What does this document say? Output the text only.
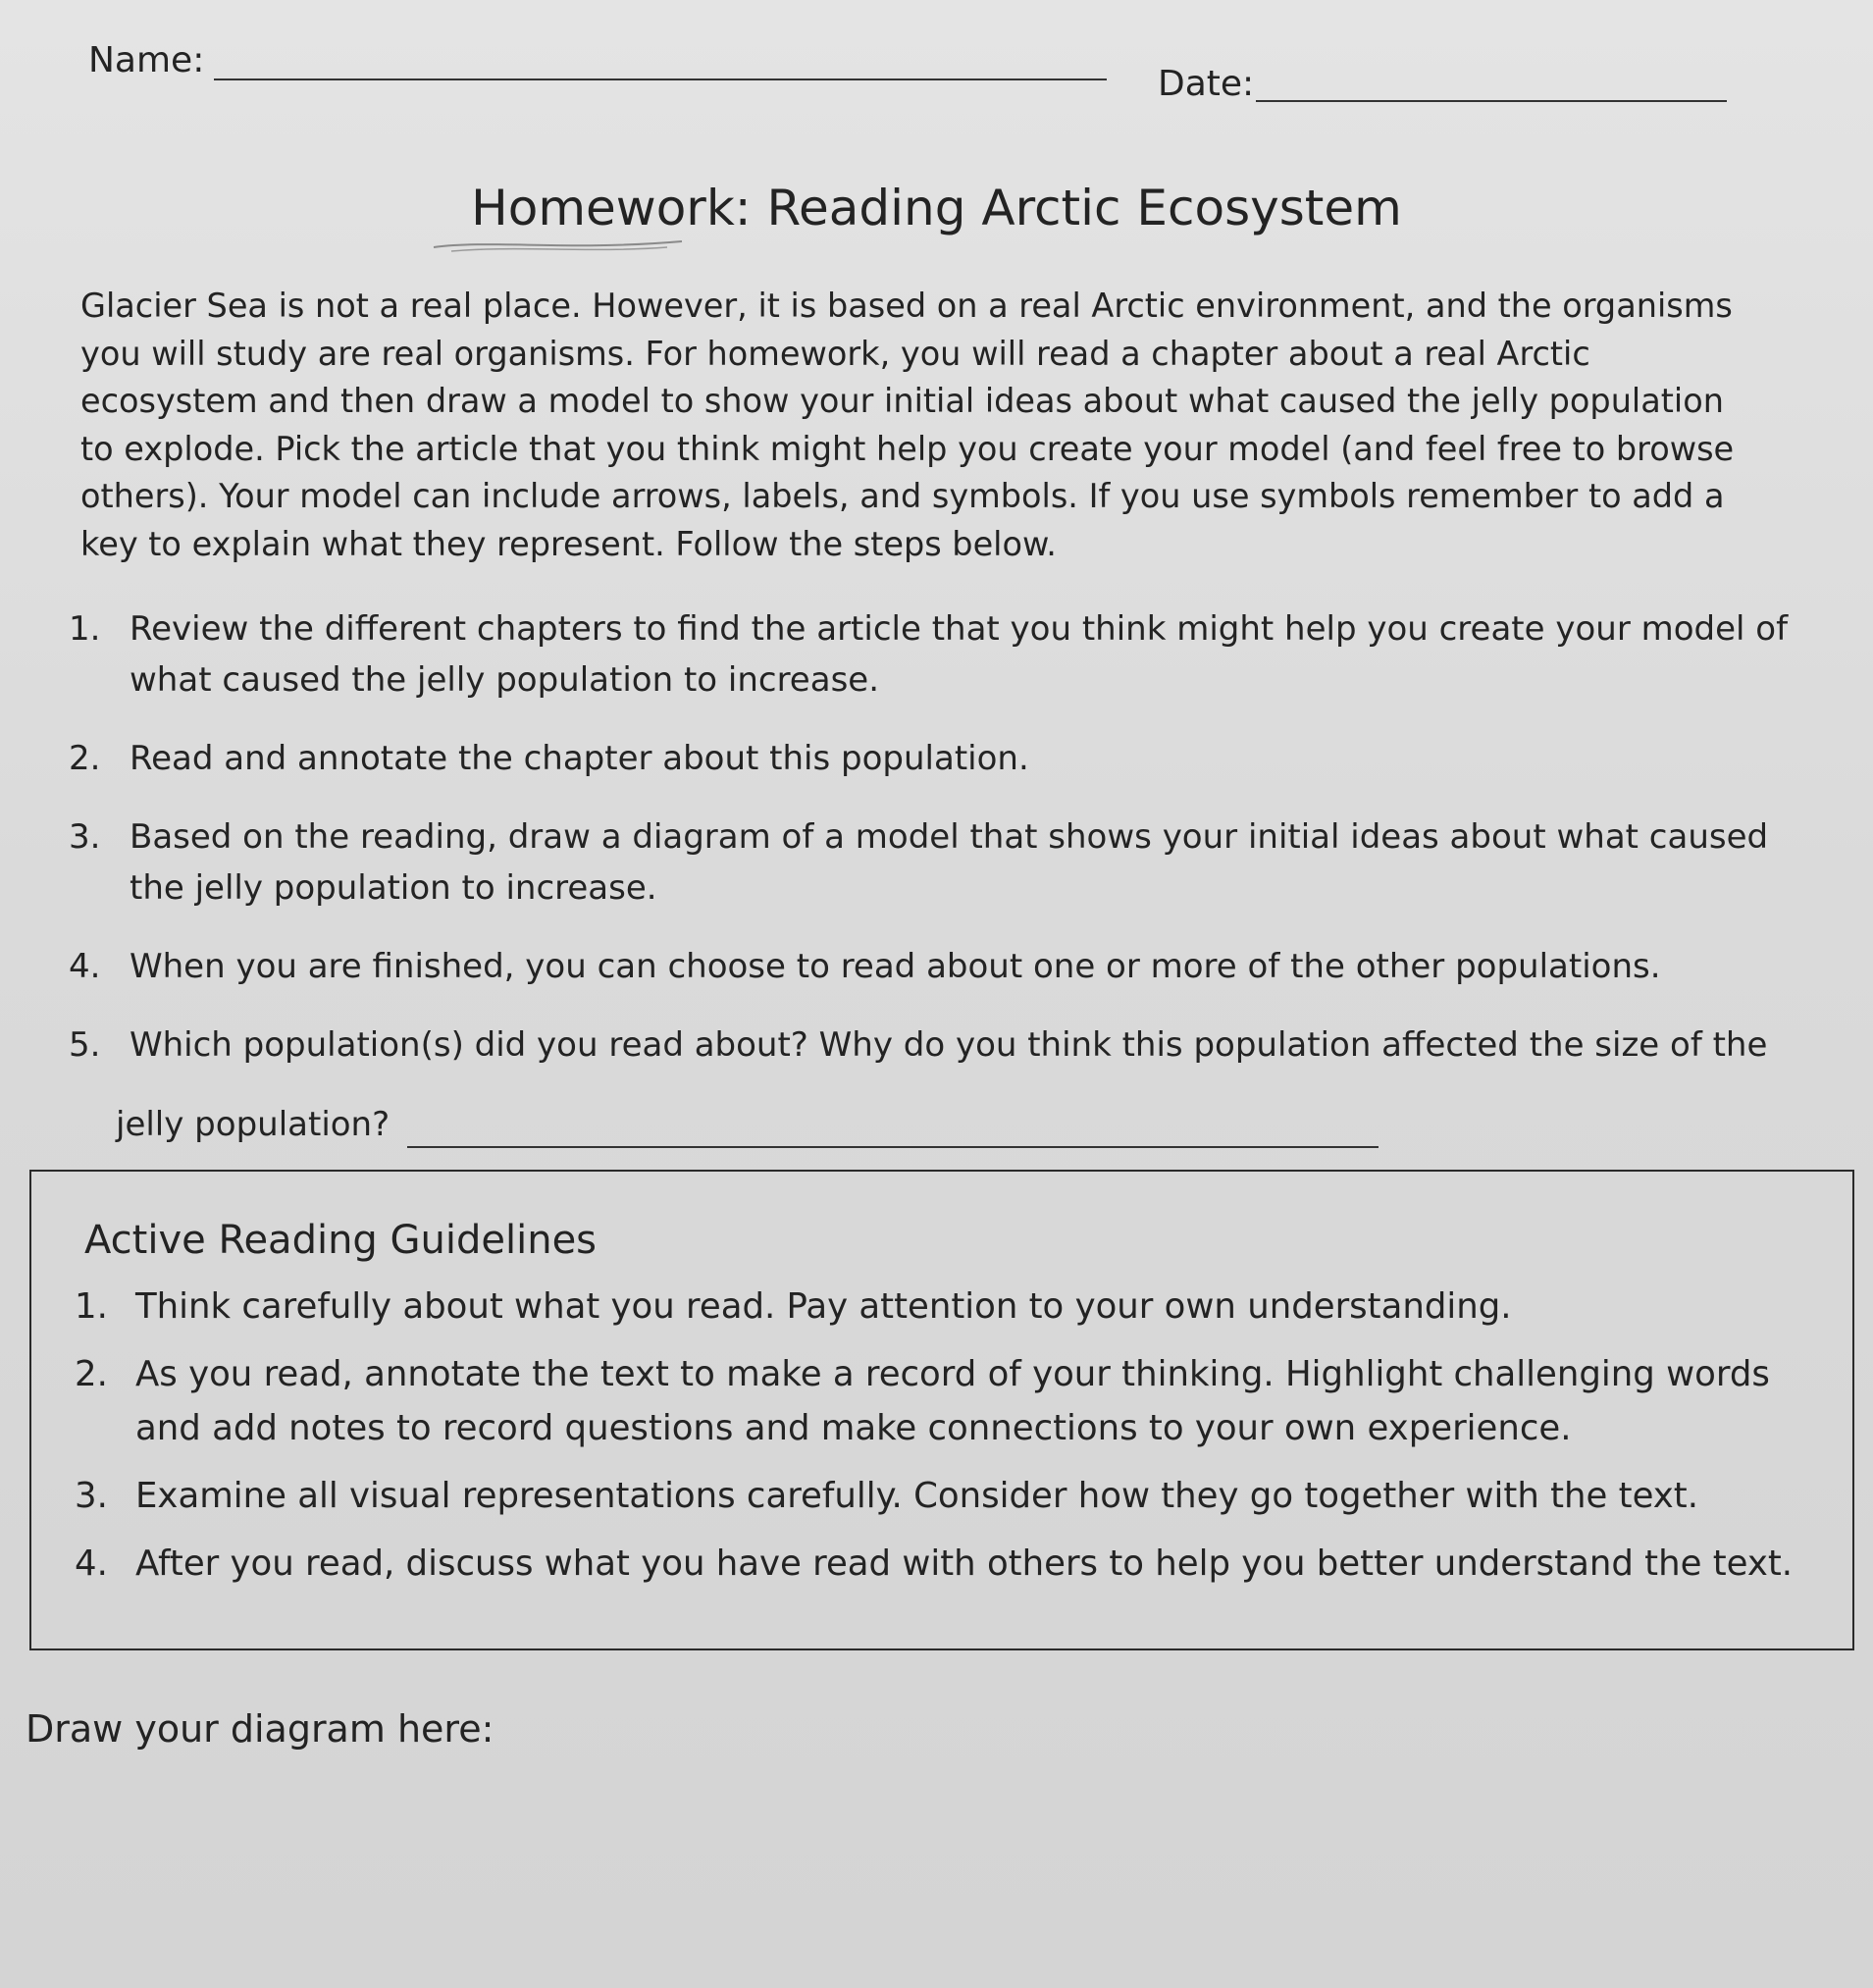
Name:
Date:
Homework: Reading Arctic Ecosystem

Glacier Sea is not a real place. However, it is based on a real Arctic environment, and the organisms you will study are real organisms. For homework, you will read a chapter about a real Arctic ecosystem and then draw a model to show your initial ideas about what caused the jelly population to explode. Pick the article that you think might help you create your model (and feel free to browse others). Your model can include arrows, labels, and symbols. If you use symbols remember to add a key to explain what they represent. Follow the steps below.

1. Review the different chapters to find the article that you think might help you create your model of what caused the jelly population to increase.
2. Read and annotate the chapter about this population.
3. Based on the reading, draw a diagram of a model that shows your initial ideas about what caused the jelly population to increase.
4. When you are finished, you can choose to read about one or more of the other populations.
5. Which population(s) did you read about? Why do you think this population affected the size of the
jelly population?
Active Reading Guidelines
1. Think carefully about what you read. Pay attention to your own understanding.
2. As you read, annotate the text to make a record of your thinking. Highlight challenging words and add notes to record questions and make connections to your own experience.
3. Examine all visual representations carefully. Consider how they go together with the text.
4. After you read, discuss what you have read with others to help you better understand the text.
Draw your diagram here:
